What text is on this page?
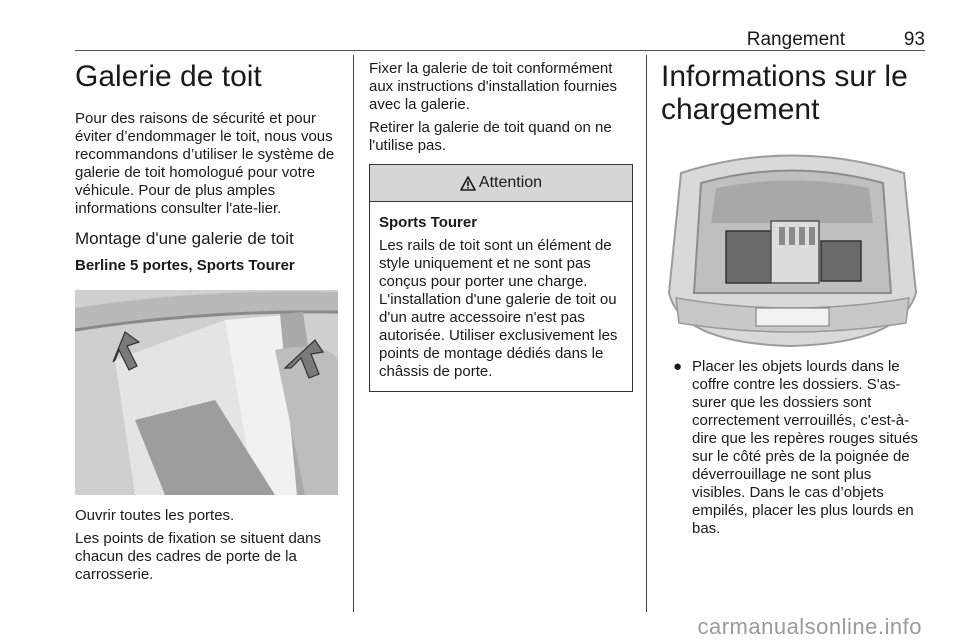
Rangement	93
Galerie de toit

Pour des raisons de sécurité et pour éviter d’endommager le toit, nous vous recommandons d’utiliser le système de galerie de toit homologué pour votre véhicule. Pour de plus amples informations consulter l'ate-lier.

Montage d'une galerie de toit
Berline 5 portes, Sports Tourer

Ouvrir toutes les portes.

Les points de fixation se situent dans chacun des cadres de porte de la carrosserie.

Fixer la galerie de toit conformément aux instructions d'installation fournies avec la galerie.

Retirer la galerie de toit quand on ne l'utilise pas.

Attention

Sports Tourer

Les rails de toit sont un élément de style uniquement et ne sont pas conçus pour porter une charge. L'installation d'une galerie de toit ou d'un autre accessoire n'est pas autorisée. Utiliser exclusivement les points de montage dédiés dans le châssis de porte.

Informations sur le chargement
● Placer les objets lourds dans le coffre contre les dossiers. S'as-surer que les dossiers sont correctement verrouillés, c'est-à-dire que les repères rouges situés sur le côté près de la poignée de déverrouillage ne sont plus visibles. Dans le cas d’objets empilés, placer les plus lourds en bas.
carmanualsonline.info
